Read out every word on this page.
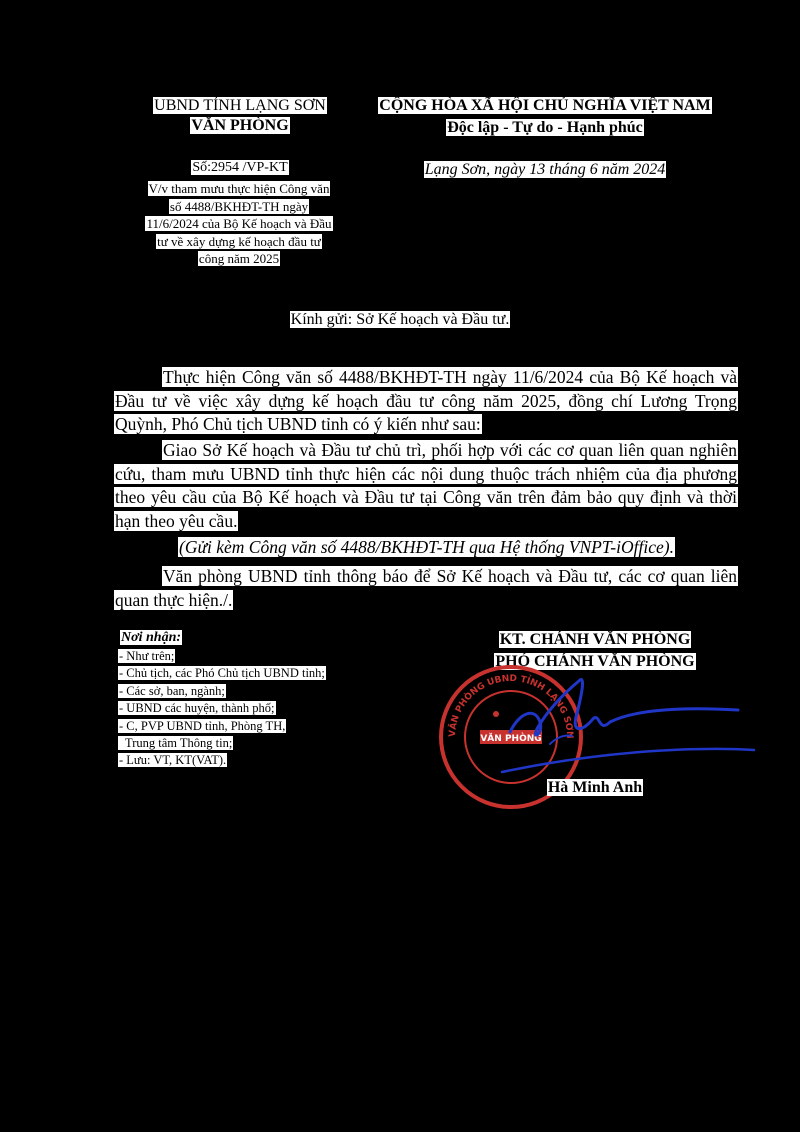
UBND TỈNH LẠNG SƠN
VĂN PHÒNG
Số:2954 /VP-KT
V/v tham mưu thực hiện Công văn
số 4488/BKHĐT-TH ngày
11/6/2024 của Bộ Kế hoạch và Đầu
tư về xây dựng kế hoạch đầu tư
công năm 2025
CỘNG HÒA XÃ HỘI CHỦ NGHĨA VIỆT NAM
Độc lập - Tự do - Hạnh phúc
Lạng Sơn, ngày 13 tháng 6 năm 2024
Kính gửi: Sở Kế hoạch và Đầu tư.
Thực hiện Công văn số 4488/BKHĐT-TH ngày 11/6/2024 của Bộ Kế hoạch và Đầu tư về việc xây dựng kế hoạch đầu tư công năm 2025, đồng chí Lương Trọng Quỳnh, Phó Chủ tịch UBND tỉnh có ý kiến như sau:
Giao Sở Kế hoạch và Đầu tư chủ trì, phối hợp với các cơ quan liên quan nghiên cứu, tham mưu UBND tỉnh thực hiện các nội dung thuộc trách nhiệm của địa phương theo yêu cầu của Bộ Kế hoạch và Đầu tư tại Công văn trên đảm bảo quy định và thời hạn theo yêu cầu.
(Gửi kèm Công văn số 4488/BKHĐT-TH qua Hệ thống VNPT-iOffice).
Văn phòng UBND tỉnh thông báo để Sở Kế hoạch và Đầu tư, các cơ quan liên quan thực hiện./.
Nơi nhận:
- Như trên;
- Chủ tịch, các Phó Chủ tịch UBND tỉnh;
- Các sở, ban, ngành;
- UBND các huyện, thành phố;
- C, PVP UBND tỉnh, Phòng TH,
Trung tâm Thông tin;
- Lưu: VT, KT(VAT).
KT. CHÁNH VĂN PHÒNG
PHÓ CHÁNH VĂN PHÒNG
VĂN PHÒNG UBND TỈNH LẠNG SƠN
VĂN PHÒNG
Hà Minh Anh
